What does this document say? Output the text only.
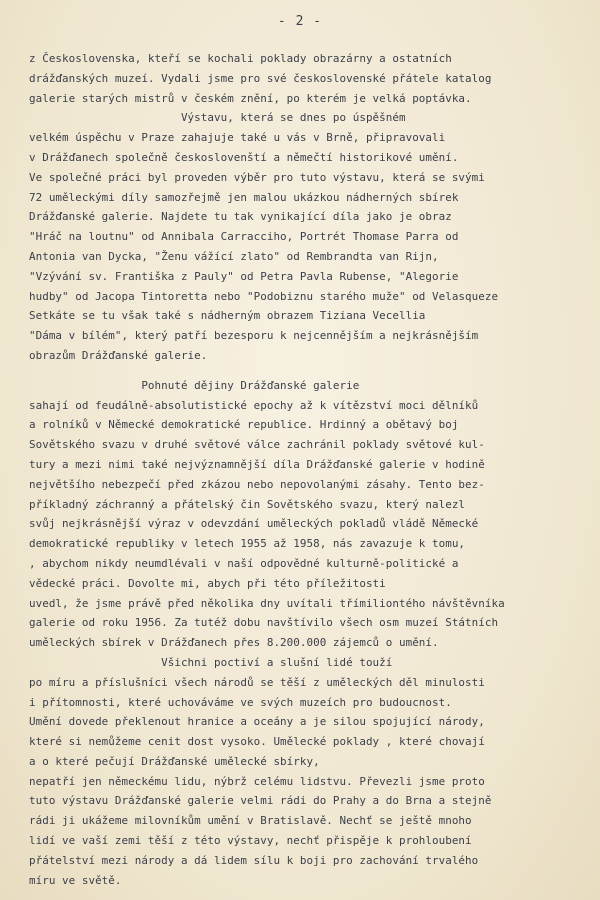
- 2 -
z Československa, kteří se kochali poklady obrazárny a ostatních
drážďanských muzeí. Vydali jsme pro své československé přátele katalog
galerie starých mistrů v českém znění, po kterém je velká poptávka.
Výstavu, která se dnes po úspěšném
velkém úspěchu v Praze zahajuje také u vás v Brně, připravovali
v Drážďanech společně českoslovenští a němečtí historikové umění.
Ve společné práci byl proveden výběr pro tuto výstavu, která se svými
72 uměleckými díly samozřejmě jen malou ukázkou nádherných sbírek
Drážďanské galerie. Najdete tu tak vynikající díla jako je obraz
"Hráč na loutnu" od Annibala Carracciho, Portrét Thomase Parra od
Antonia van Dycka, "Ženu vážící zlato" od Rembrandta van Rijn,
"Vzývání sv. Františka z Pauly" od Petra Pavla Rubense, "Alegorie
hudby" od Jacopa Tintoretta nebo "Podobiznu starého muže" od Velasqueze
Setkáte se tu však také s nádherným obrazem Tiziana Vecellia
"Dáma v bílém", který patří bezesporu k nejcennějším a nejkrásnějším
obrazům Drážďanské galerie.
Pohnuté dějiny Drážďanské galerie
sahají od feudálně-absolutistické epochy až k vítězství moci dělníků
a rolníků v Německé demokratické republice. Hrdinný a obětavý boj
Sovětského svazu v druhé světové válce zachránil poklady světové kul-
tury a mezi nimi také nejvýznamnější díla Drážďanské galerie v hodině
největšího nebezpečí před zkázou nebo nepovolanými zásahy. Tento bez-
příkladný záchranný a přátelský čin Sovětského svazu, který nalezl
svůj nejkrásnější výraz v odevzdání uměleckých pokladů vládě Německé
demokratické republiky v letech 1955 až 1958, nás zavazuje k tomu,
, abychom nikdy neumdlévali v naší odpovědné kulturně-politické a
vědecké práci. Dovolte mi, abych při této příležitosti
uvedl, že jsme právě před několika dny uvítali třímiliontého návštěvníka
galerie od roku 1956. Za tutéž dobu navštívilo všech osm muzeí Státních
uměleckých sbírek v Drážďanech přes 8.200.000 zájemců o umění.
Všichni poctiví a slušní lidé touží
po míru a příslušníci všech národů se těší z uměleckých děl minulosti
i přítomnosti, které uchováváme ve svých muzeích pro budoucnost.
Umění dovede překlenout hranice a oceány a je silou spojující národy,
které si nemůžeme cenit dost vysoko. Umělecké poklady , které chovají
a o které pečují Drážďanské umělecké sbírky,
nepatří jen německému lidu, nýbrž celému lidstvu. Převezli jsme proto
tuto výstavu Drážďanské galerie velmi rádi do Prahy a do Brna a stejně
rádi ji ukážeme milovníkům umění v Bratislavě. Nechť se ještě mnoho
lidí ve vaší zemi těší z této výstavy, nechť přispěje k prohloubení
přátelství mezi národy a dá lidem sílu k boji pro zachování trvalého
míru ve světě.
